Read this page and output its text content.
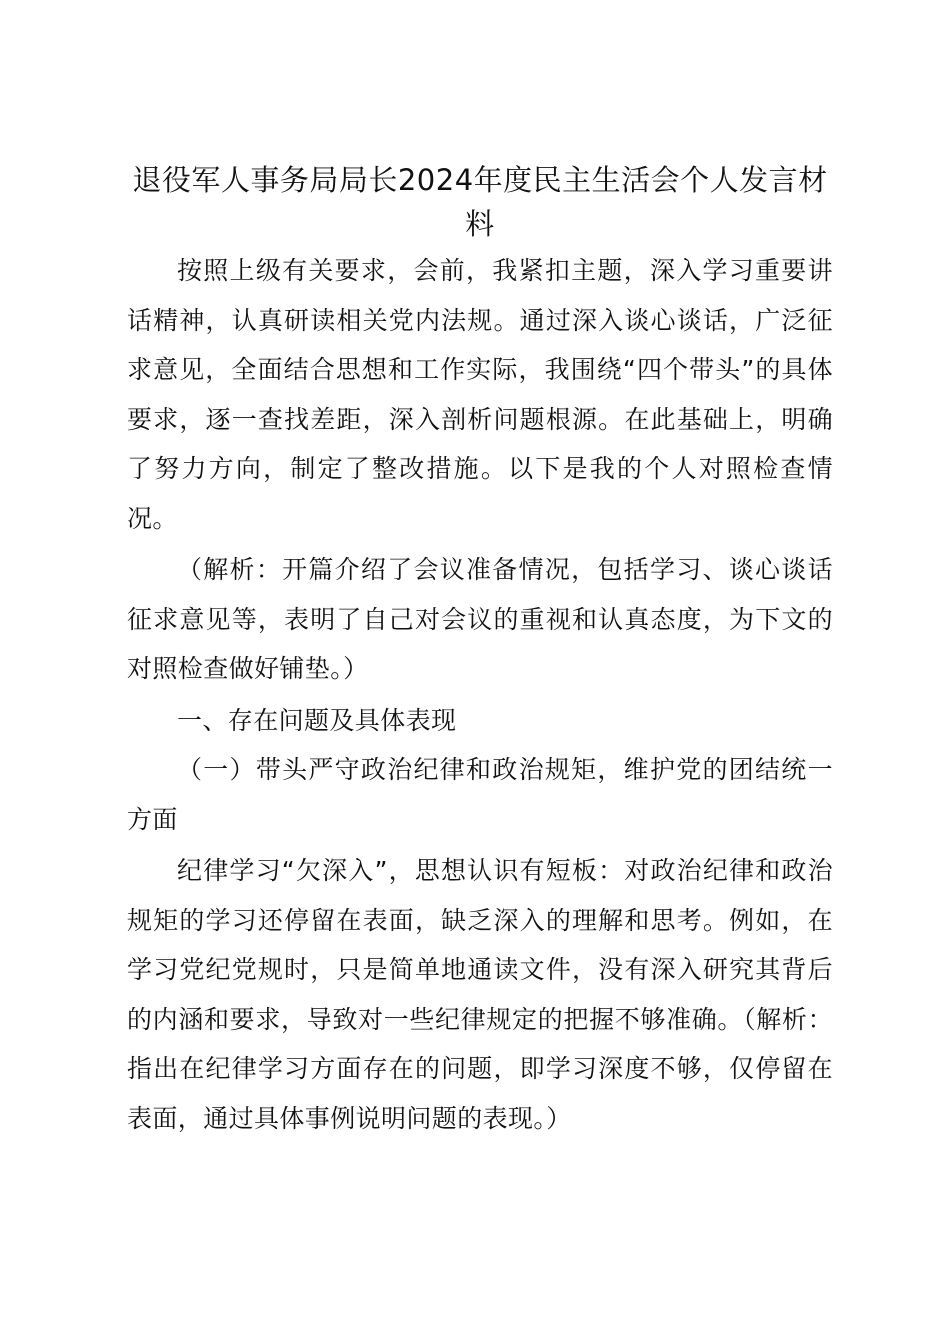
退役军人事务局局长2024年度民主生活会个人发言材料

按照上级有关要求，会前，我紧扣主题，深入学习重要讲话精神，认真研读相关党内法规。通过深入谈心谈话，广泛征求意见，全面结合思想和工作实际，我围绕“四个带头”的具体要求，逐一查找差距，深入剖析问题根源。在此基础上，明确了努力方向，制定了整改措施。以下是我的个人对照检查情况。

（解析：开篇介绍了会议准备情况，包括学习、谈心谈话征求意见等，表明了自己对会议的重视和认真态度，为下文的对照检查做好铺垫。）

一、存在问题及具体表现

（一）带头严守政治纪律和政治规矩，维护党的团结统一方面

纪律学习“欠深入”，思想认识有短板：对政治纪律和政治规矩的学习还停留在表面，缺乏深入的理解和思考。例如，在学习党纪党规时，只是简单地通读文件，没有深入研究其背后的内涵和要求，导致对一些纪律规定的把握不够准确。（解析：指出在纪律学习方面存在的问题，即学习深度不够，仅停留在表面，通过具体事例说明问题的表现。）
